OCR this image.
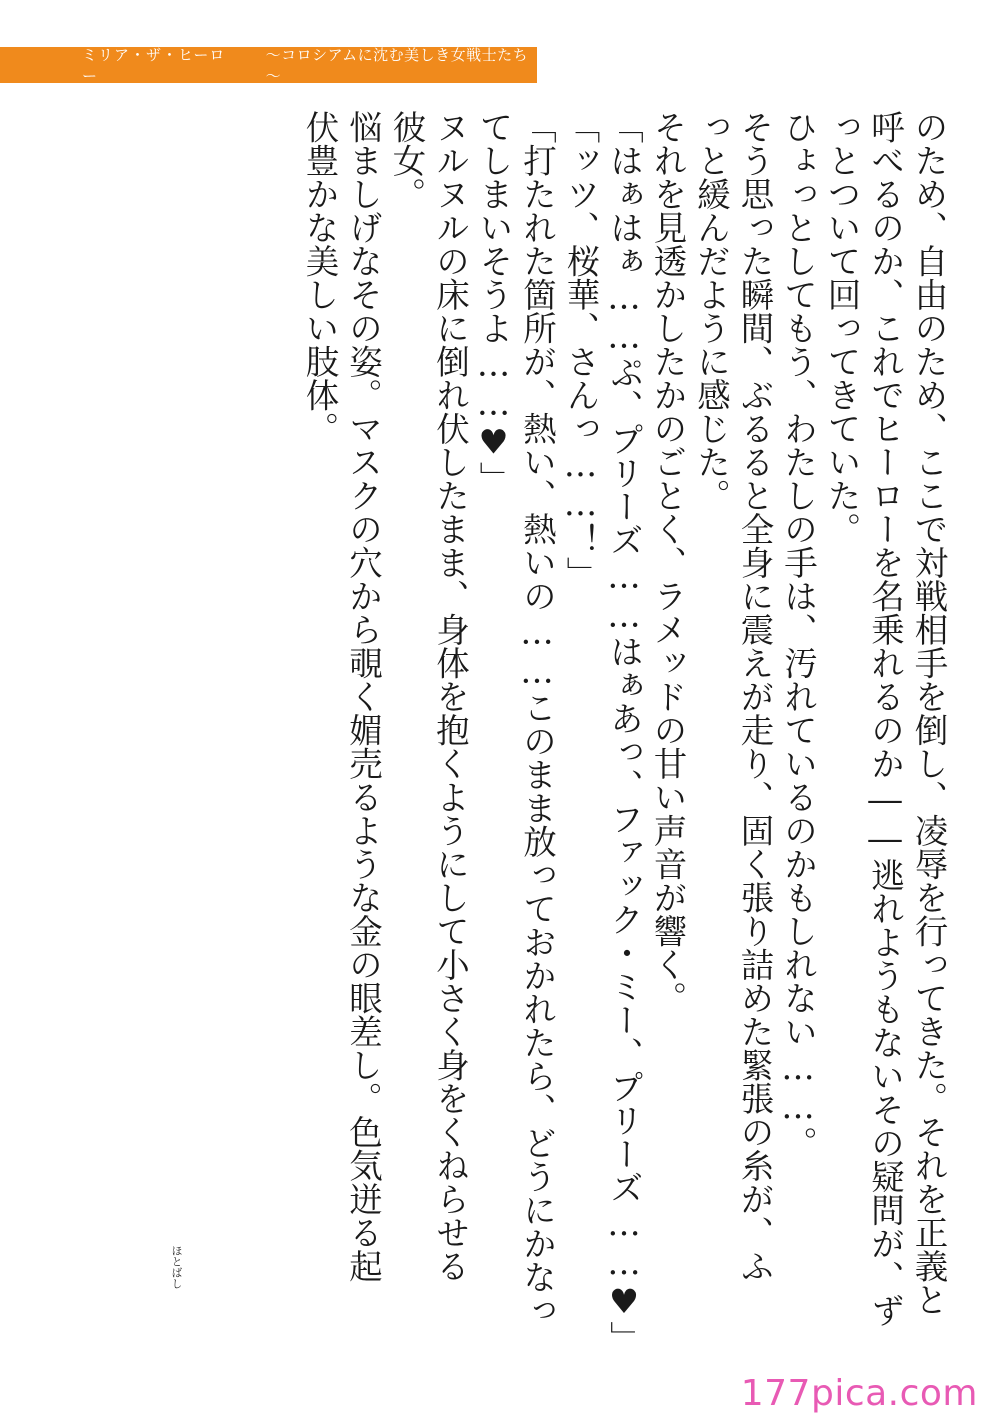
ミリア・ザ・ヒーロー
～コロシアムに沈む美しき女戦士たち～
のため、自由のため、ここで対戦相手を倒し、凌辱を行ってきた。それを正義と
呼べるのか、これでヒーローを名乗れるのか――逃れようもないその疑問が、ず
っとついて回ってきていた。
ひょっとしてもう、わたしの手は、汚れているのかもしれない……。
そう思った瞬間、ぶるると全身に震えが走り、固く張り詰めた緊張の糸が、ふ
っと緩んだように感じた。
それを見透かしたかのごとく、ラメッドの甘い声音が響く。
「はぁはぁ……ぷ、プリーズ……はぁあっ、ファック・ミー、プリーズ……♥」
「ッツ、桜華、さんっ……！」
「打たれた箇所が、熱い、熱いの……このまま放っておかれたら、どうにかなっ
てしまいそうよ……♥」
ヌルヌルの床に倒れ伏したまま、身体を抱くようにして小さく身をくねらせる
彼女。
悩ましげなその姿。マスクの穴から覗く媚売るような金の眼差し。色気迸る起
伏豊かな美しい肢体。
ほとばし
177pica.com
